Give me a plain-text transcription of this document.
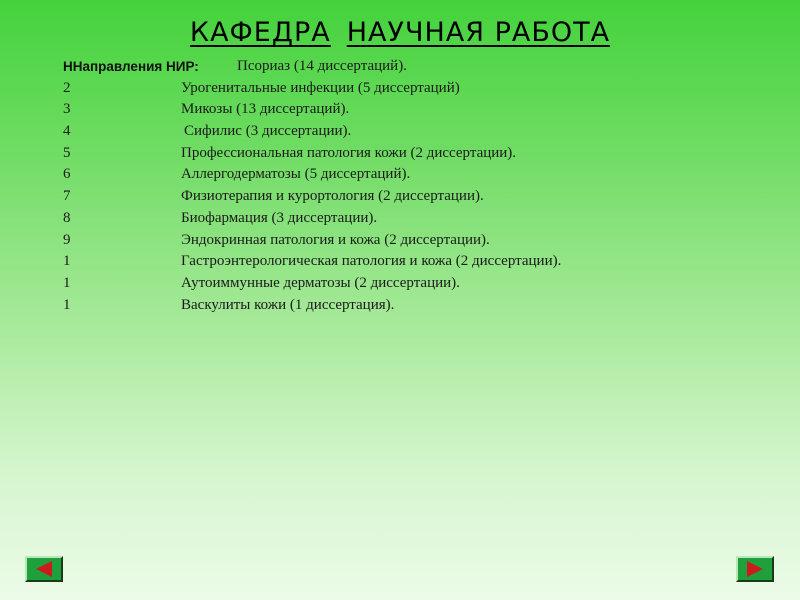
КАФЕДРА НАУЧНАЯ РАБОТА
ННаправления НИР:	Псориаз (14 диссертаций).
2	Урогенитальные инфекции (5 диссертаций)
3	Микозы (13 диссертаций).
4	Сифилис (3 диссертации).
5	Профессиональная патология кожи (2 диссертации).
6	Аллергодерматозы (5 диссертаций).
7	Физиотерапия и курортология (2 диссертации).
8	Биофармация (3 диссертации).
9	Эндокринная патология и кожа (2 диссертации).
1	Гастроэнтерологическая патология и кожа (2 диссертации).
1	Аутоиммунные дерматозы (2 диссертации).
1	Васкулиты кожи (1 диссертация).
